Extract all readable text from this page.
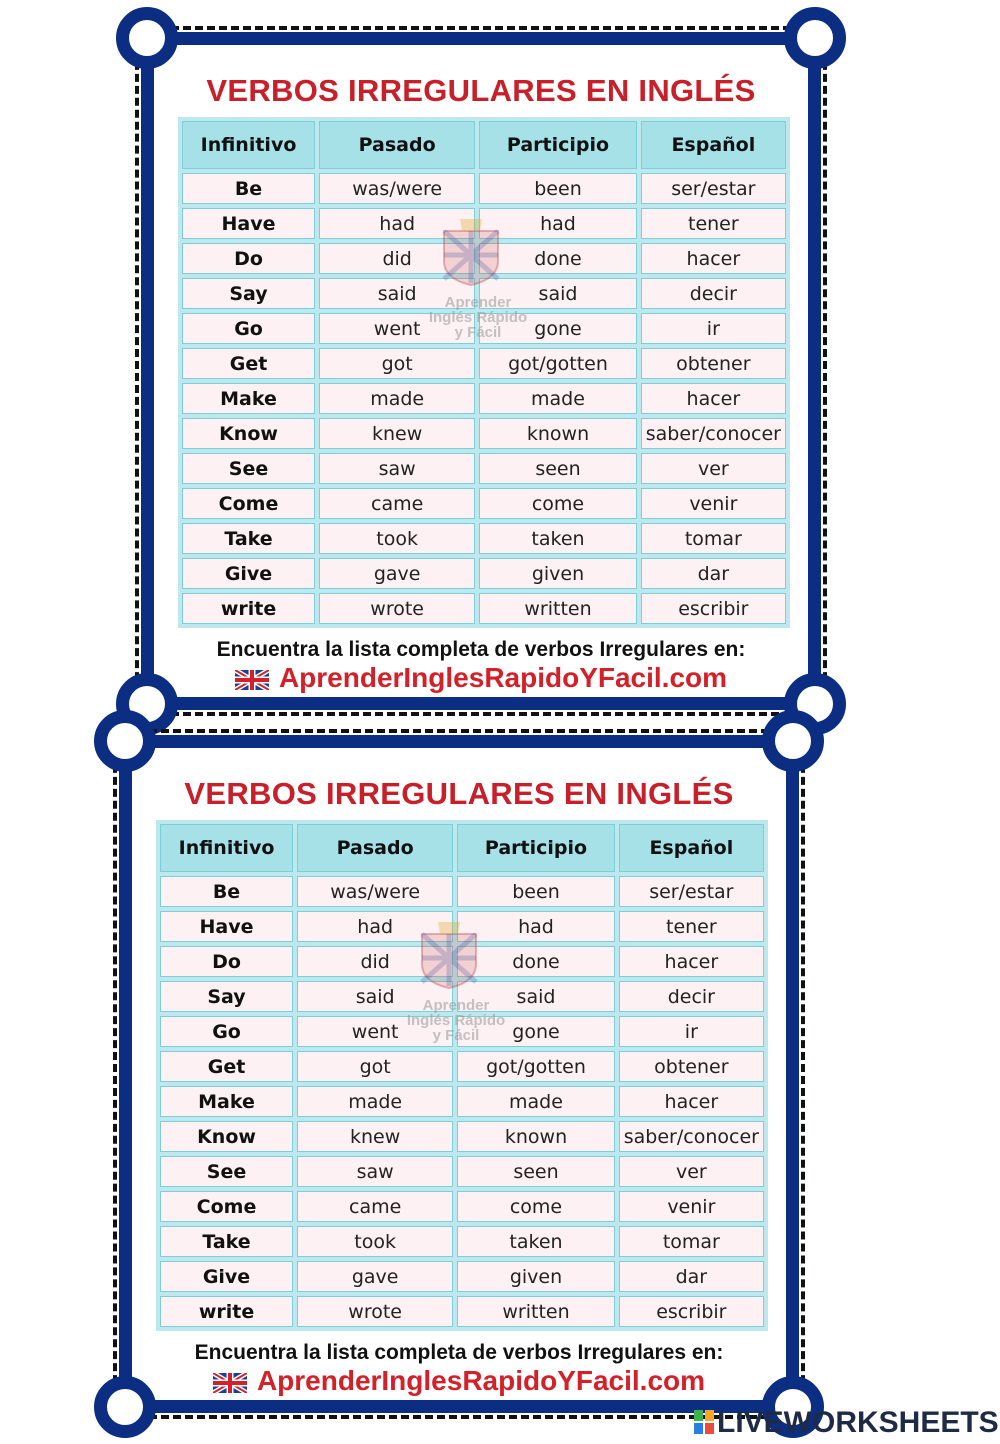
VERBOS IRREGULARES EN INGLÉS
Infinitivo	Pasado	Participio	Español
Be	was/were	been	ser/estar
Have	had	had	tener
Do	did	done	hacer
Say	said	said	decir
Go	went	gone	ir
Get	got	got/gotten	obtener
Make	made	made	hacer
Know	knew	known	saber/conocer
See	saw	seen	ver
Come	came	come	venir
Take	took	taken	tomar
Give	gave	given	dar
write	wrote	written	escribir
Aprender
Inglés Rápido
y Fácil
Encuentra la lista completa de verbos Irregulares en:
AprenderInglesRapidoYFacil.com
VERBOS IRREGULARES EN INGLÉS
Infinitivo	Pasado	Participio	Español
Be	was/were	been	ser/estar
Have	had	had	tener
Do	did	done	hacer
Say	said	said	decir
Go	went	gone	ir
Get	got	got/gotten	obtener
Make	made	made	hacer
Know	knew	known	saber/conocer
See	saw	seen	ver
Come	came	come	venir
Take	took	taken	tomar
Give	gave	given	dar
write	wrote	written	escribir
Aprender
Inglés Rápido
y Fácil
Encuentra la lista completa de verbos Irregulares en:
AprenderInglesRapidoYFacil.com
LIVEWORKSHEETS
